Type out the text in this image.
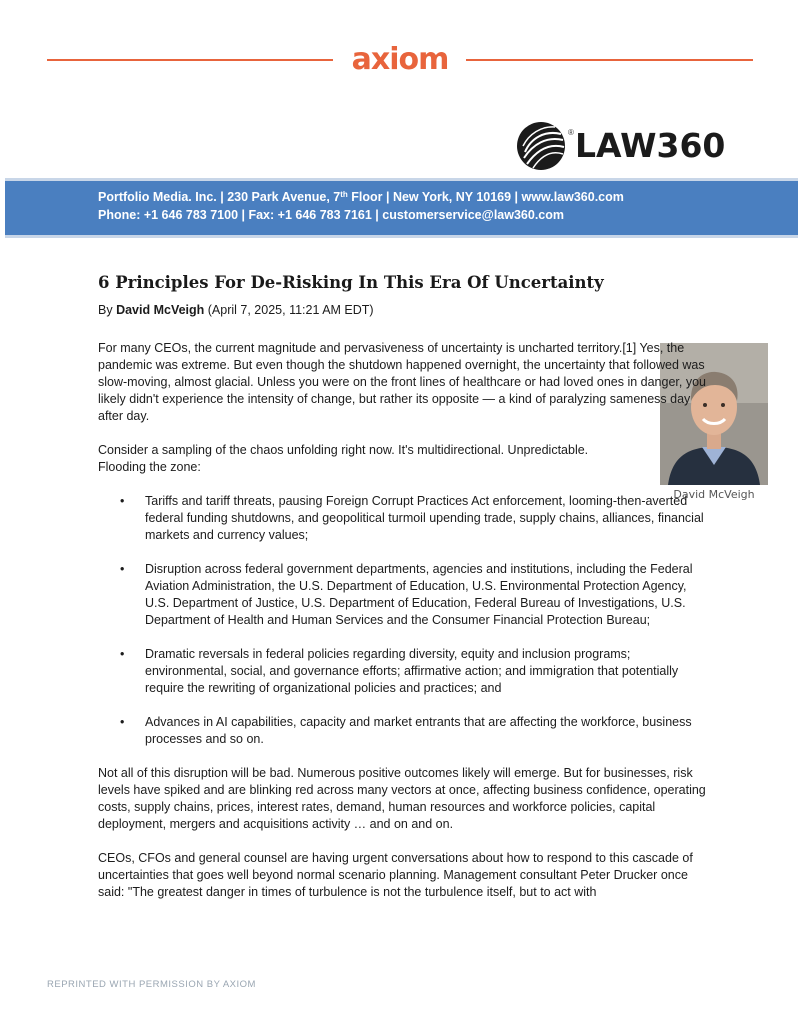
axiom
® LAW360
Portfolio Media. Inc. | 230 Park Avenue, 7th Floor | New York, NY 10169 | www.law360.com
Phone: +1 646 783 7100 | Fax: +1 646 783 7161 | customerservice@law360.com
6 Principles For De-Risking In This Era Of Uncertainty
By David McVeigh (April 7, 2025, 11:21 AM EDT)
David McVeigh

For many CEOs, the current magnitude and pervasiveness of uncertainty is uncharted territory.[1] Yes, the pandemic was extreme. But even though the shutdown happened overnight, the uncertainty that followed was slow-moving, almost glacial. Unless you were on the front lines of healthcare or had loved ones in danger, you likely didn't experience the intensity of change, but rather its opposite — a kind of paralyzing sameness day after day.

Consider a sampling of the chaos unfolding right now. It's multidirectional. Unpredictable. Flooding the zone:

• Tariffs and tariff threats, pausing Foreign Corrupt Practices Act enforcement, looming-then-averted federal funding shutdowns, and geopolitical turmoil upending trade, supply chains, alliances, financial markets and currency values;
• Disruption across federal government departments, agencies and institutions, including the Federal Aviation Administration, the U.S. Department of Education, U.S. Environmental Protection Agency, U.S. Department of Justice, U.S. Department of Education, Federal Bureau of Investigations, U.S. Department of Health and Human Services and the Consumer Financial Protection Bureau;
• Dramatic reversals in federal policies regarding diversity, equity and inclusion programs; environmental, social, and governance efforts; affirmative action; and immigration that potentially require the rewriting of organizational policies and practices; and
• Advances in AI capabilities, capacity and market entrants that are affecting the workforce, business processes and so on.

Not all of this disruption will be bad. Numerous positive outcomes likely will emerge. But for businesses, risk levels have spiked and are blinking red across many vectors at once, affecting business confidence, operating costs, supply chains, prices, interest rates, demand, human resources and workforce policies, capital deployment, mergers and acquisitions activity … and on and on.

CEOs, CFOs and general counsel are having urgent conversations about how to respond to this cascade of uncertainties that goes well beyond normal scenario planning. Management consultant Peter Drucker once said: "The greatest danger in times of turbulence is not the turbulence itself, but to act with

REPRINTED WITH PERMISSION BY AXIOM
